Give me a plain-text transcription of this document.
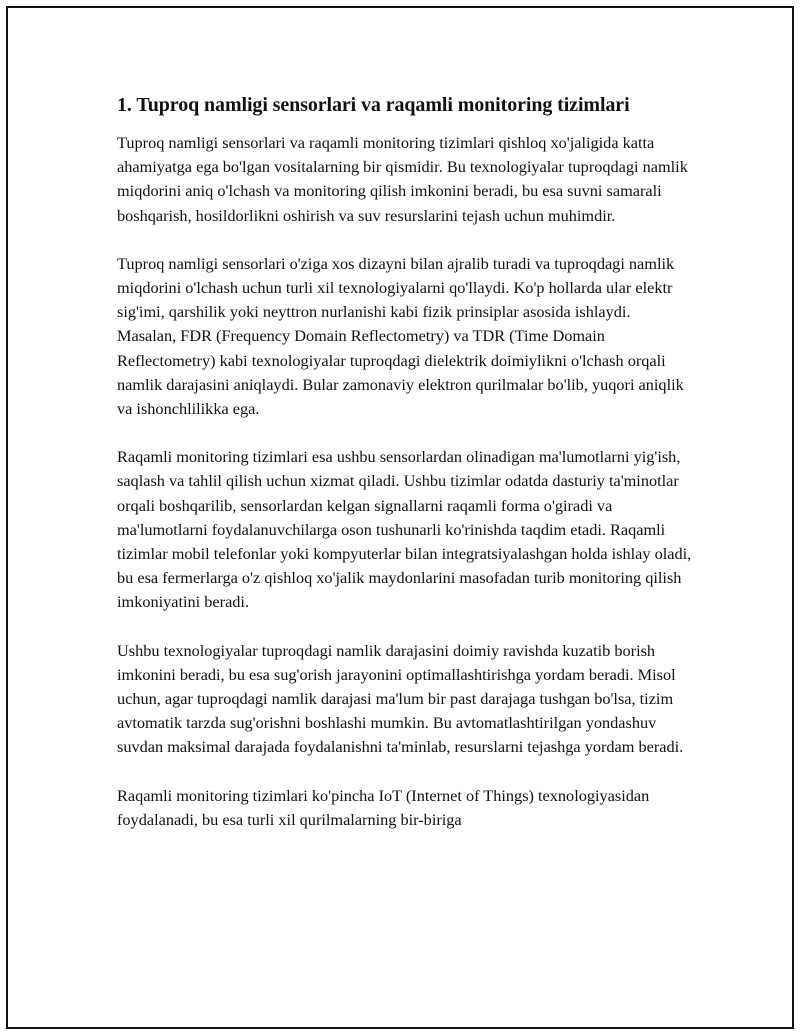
1. Tuproq namligi sensorlari va raqamli monitoring tizimlari

Tuproq namligi sensorlari va raqamli monitoring tizimlari qishloq xo'jaligida katta ahamiyatga ega bo'lgan vositalarning bir qismidir. Bu texnologiyalar tuproqdagi namlik miqdorini aniq o'lchash va monitoring qilish imkonini beradi, bu esa suvni samarali boshqarish, hosildorlikni oshirish va suv resurslarini tejash uchun muhimdir.

Tuproq namligi sensorlari o'ziga xos dizayni bilan ajralib turadi va tuproqdagi namlik miqdorini o'lchash uchun turli xil texnologiyalarni qo'llaydi. Ko'p hollarda ular elektr sig'imi, qarshilik yoki neyttron nurlanishi kabi fizik prinsiplar asosida ishlaydi. Masalan, FDR (Frequency Domain Reflectometry) va TDR (Time Domain Reflectometry) kabi texnologiyalar tuproqdagi dielektrik doimiylikni o'lchash orqali namlik darajasini aniqlaydi. Bular zamonaviy elektron qurilmalar bo'lib, yuqori aniqlik va ishonchlilikka ega.

Raqamli monitoring tizimlari esa ushbu sensorlardan olinadigan ma'lumotlarni yig'ish, saqlash va tahlil qilish uchun xizmat qiladi. Ushbu tizimlar odatda dasturiy ta'minotlar orqali boshqarilib, sensorlardan kelgan signallarni raqamli forma o'giradi va ma'lumotlarni foydalanuvchilarga oson tushunarli ko'rinishda taqdim etadi. Raqamli tizimlar mobil telefonlar yoki kompyuterlar bilan integratsiyalashgan holda ishlay oladi, bu esa fermerlarga o'z qishloq xo'jalik maydonlarini masofadan turib monitoring qilish imkoniyatini beradi.

Ushbu texnologiyalar tuproqdagi namlik darajasini doimiy ravishda kuzatib borish imkonini beradi, bu esa sug'orish jarayonini optimallashtirishga yordam beradi. Misol uchun, agar tuproqdagi namlik darajasi ma'lum bir past darajaga tushgan bo'lsa, tizim avtomatik tarzda sug'orishni boshlashi mumkin. Bu avtomatlashtirilgan yondashuv suvdan maksimal darajada foydalanishni ta'minlab, resurslarni tejashga yordam beradi.

Raqamli monitoring tizimlari ko'pincha IoT (Internet of Things) texnologiyasidan foydalanadi, bu esa turli xil qurilmalarning bir-biriga
